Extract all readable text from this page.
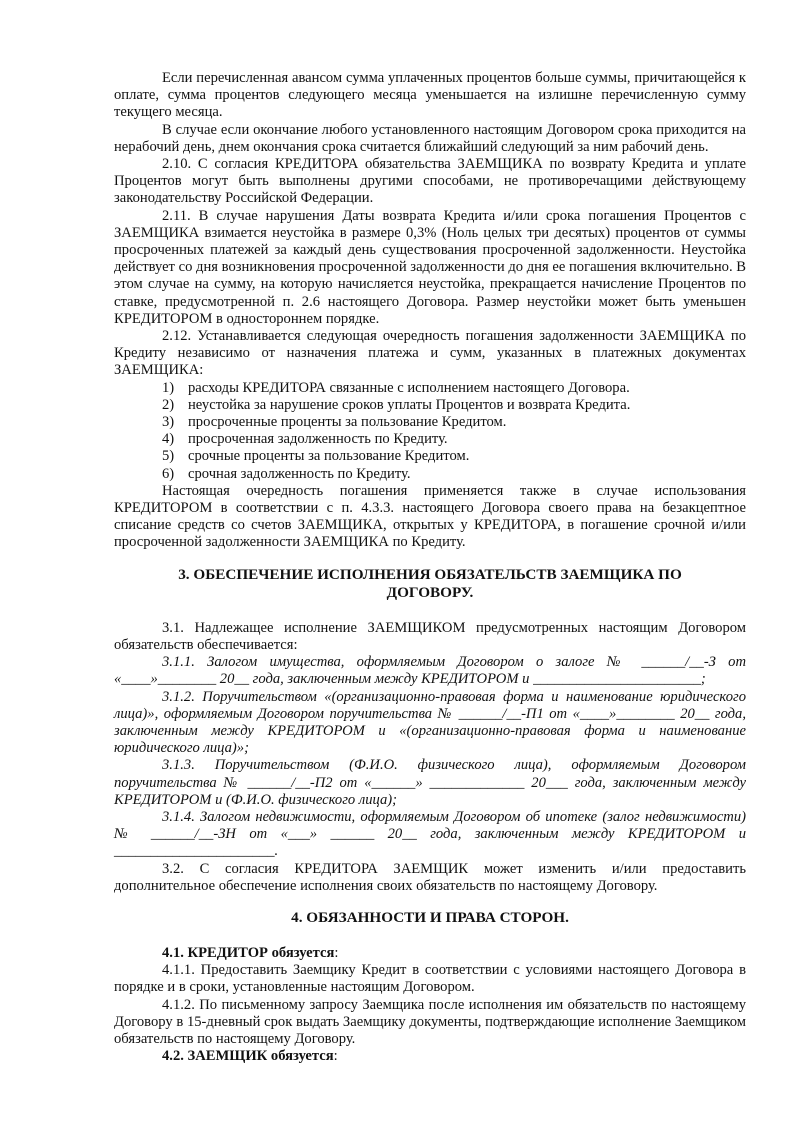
Если перечисленная авансом сумма уплаченных процентов больше суммы, причитающейся к оплате, сумма процентов следующего месяца уменьшается на излишне перечисленную сумму текущего месяца.

В случае если окончание любого установленного настоящим Договором срока приходится на нерабочий день, днем окончания срока считается ближайший следующий за ним рабочий день.

2.10. С согласия КРЕДИТОРА обязательства ЗАЕМЩИКА по возврату Кредита и уплате Процентов могут быть выполнены другими способами, не противоречащими действующему законодательству Российской Федерации.

2.11. В случае нарушения Даты возврата Кредита и/или срока погашения Процентов с ЗАЕМЩИКА взимается неустойка в размере 0,3% (Ноль целых три десятых) процентов от суммы просроченных платежей за каждый день существования просроченной задолженности. Неустойка действует со дня возникновения просроченной задолженности до дня ее погашения включительно. В этом случае на сумму, на которую начисляется неустойка, прекращается начисление Процентов по ставке, предусмотренной п. 2.6 настоящего Договора. Размер неустойки может быть уменьшен КРЕДИТОРОМ в одностороннем порядке.

2.12. Устанавливается следующая очередность погашения задолженности ЗАЕМЩИКА по Кредиту независимо от назначения платежа и сумм, указанных в платежных документах ЗАЕМЩИКА:

1) расходы КРЕДИТОРА связанные с исполнением настоящего Договора.
2) неустойка за нарушение сроков уплаты Процентов и возврата Кредита.
3) просроченные проценты за пользование Кредитом.
4) просроченная задолженность по Кредиту.
5) срочные проценты за пользование Кредитом.
6) срочная задолженность по Кредиту.

Настоящая очередность погашения применяется также в случае использования КРЕДИТОРОМ в соответствии с п. 4.3.3. настоящего Договора своего права на безакцептное списание средств со счетов ЗАЕМЩИКА, открытых у КРЕДИТОРА, в погашение срочной и/или просроченной задолженности ЗАЕМЩИКА по Кредиту.

3. ОБЕСПЕЧЕНИЕ ИСПОЛНЕНИЯ ОБЯЗАТЕЛЬСТВ ЗАЕМЩИКА ПО ДОГОВОРУ.

3.1. Надлежащее исполнение ЗАЕМЩИКОМ предусмотренных настоящим Договором обязательств обеспечивается:

3.1.1. Залогом имущества, оформляемым Договором о залоге № ______/__-З от «____»________ 20__ года, заключенным между КРЕДИТОРОМ и _______________________;

3.1.2. Поручительством «(организационно-правовая форма и наименование юридического лица)», оформляемым Договором поручительства № ______/__-П1 от «____»________ 20__ года, заключенным между КРЕДИТОРОМ и «(организационно-правовая форма и наименование юридического лица)»;

3.1.3. Поручительством (Ф.И.О. физического лица), оформляемым Договором поручительства № ______/__-П2 от «______» _____________ 20___ года, заключенным между КРЕДИТОРОМ и (Ф.И.О. физического лица);

3.1.4. Залогом недвижимости, оформляемым Договором об ипотеке (залог недвижимости) № ______/__-ЗН от «___» ______ 20__ года, заключенным между КРЕДИТОРОМ и ______________________.

3.2. С согласия КРЕДИТОРА ЗАЕМЩИК может изменить и/или предоставить дополнительное обеспечение исполнения своих обязательств по настоящему Договору.

4. ОБЯЗАННОСТИ И ПРАВА СТОРОН.

4.1. КРЕДИТОР обязуется:

4.1.1. Предоставить Заемщику Кредит в соответствии с условиями настоящего Договора в порядке и в сроки, установленные настоящим Договором.

4.1.2. По письменному запросу Заемщика после исполнения им обязательств по настоящему Договору в 15-дневный срок выдать Заемщику документы, подтверждающие исполнение Заемщиком обязательств по настоящему Договору.

4.2. ЗАЕМЩИК обязуется:
